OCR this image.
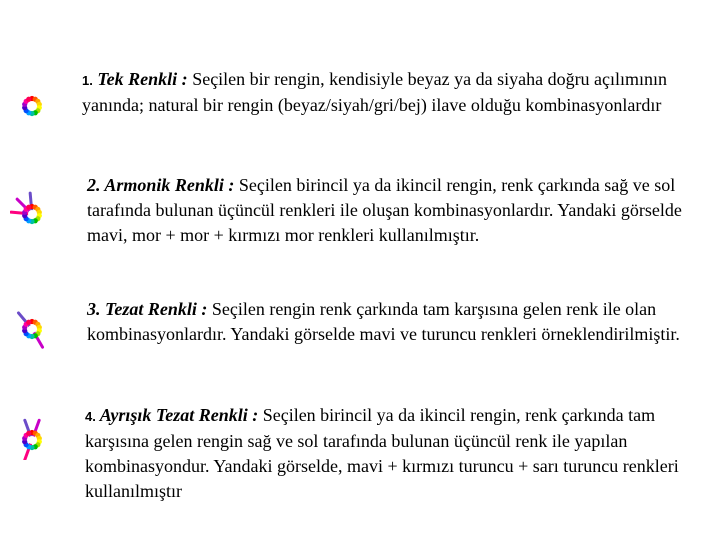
1. Tek Renkli : Seçilen bir rengin, kendisiyle beyaz ya da siyaha doğru açılımının yanında; natural bir rengin (beyaz/siyah/gri/bej) ilave olduğu kombinasyonlardır

2. Armonik Renkli : Seçilen birincil ya da ikincil rengin, renk çarkında sağ ve sol tarafında bulunan üçüncül renkleri ile oluşan kombinasyonlardır. Yandaki görselde mavi, mor + mor + kırmızı mor renkleri kullanılmıştır.

3. Tezat Renkli : Seçilen rengin renk çarkında tam karşısına gelen renk ile olan kombinasyonlardır. Yandaki görselde mavi ve turuncu renkleri örneklendirilmiştir.

4. Ayrışık Tezat Renkli : Seçilen birincil ya da ikincil rengin, renk çarkında tam karşısına gelen rengin sağ ve sol tarafında bulunan üçüncül renk ile yapılan kombinasyondur. Yandaki görselde, mavi + kırmızı turuncu + sarı turuncu renkleri kullanılmıştır
